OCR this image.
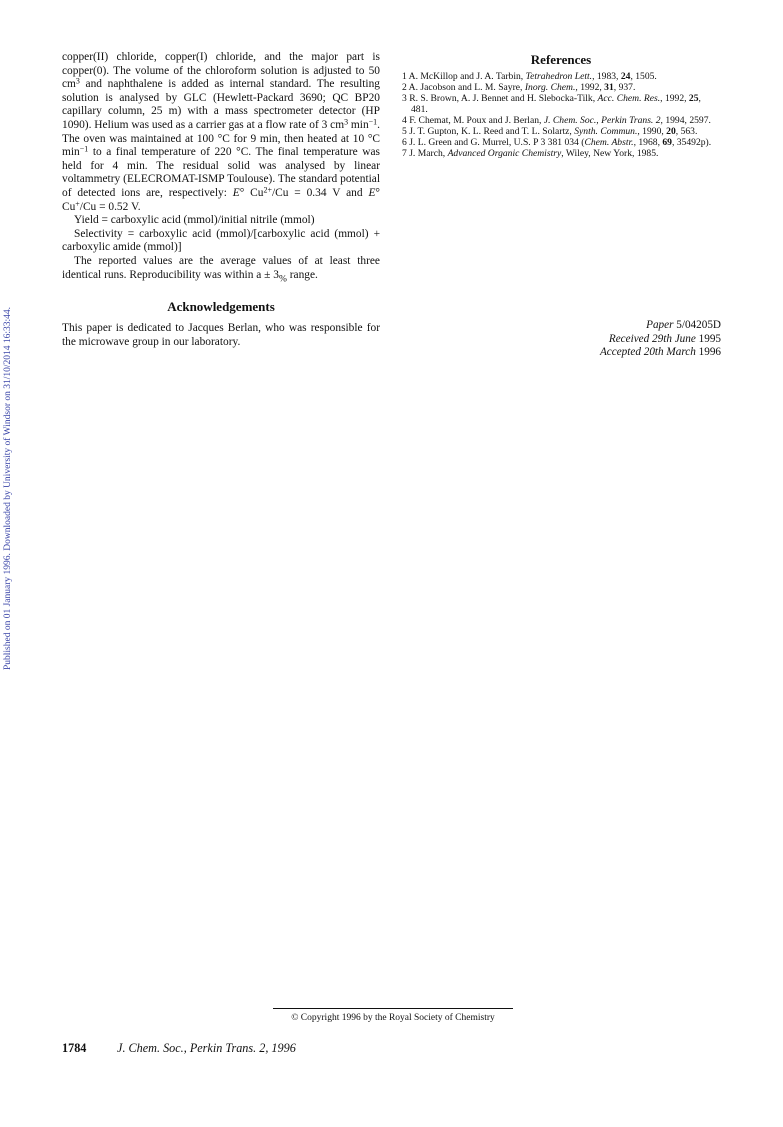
Published on 01 January 1996. Downloaded by University of Windsor on 31/10/2014 16:33:44.

copper(II) chloride, copper(I) chloride, and the major part is copper(0). The volume of the chloroform solution is adjusted to 50 $cm^3$ and naphthalene is added as internal standard. The resulting solution is analysed by GLC (Hewlett-Packard 3690; QC BP20 capillary column, 25 m) with a mass spectrometer detector (HP 1090). Helium was used as a carrier gas at a flow rate of 3 $cm^3$ $\min^{-1}$. The oven was maintained at 100 °C for 9 min, then heated at 10 °C $\min^{-1}$ to a final temperature of 220 °C. The final temperature was held for 4 min. The residual solid was analysed by linear voltammetry (ELECROMAT-ISMP Toulouse). The standard potential of detected ions are, respectively: E° $Cu^{2+}/Cu = 0.34$ V and E° Cu+/Cu = 0.52 V.

Yield = carboxylic acid (mmol)/initial nitrile (mmol)

Selectivity = carboxylic acid (mmol)/[carboxylic acid (mmol) + carboxylic amide (mmol)]

The reported values are the average values of at least three identical runs. Reproducibility was within $a \pm 3_{\%}$ range.

Acknowledgements

This paper is dedicated to Jacques Berlan, who was responsible for the microwave group in our laboratory.

References
1 A. McKillop and J. A. Tarbin, Tetrahedron Lett., 1983, 24, 1505.
2 A. Jacobson and L. M. Sayre, Inorg. Chem., 1992, 31, 937.
3 R. S. Brown, A. J. Bennet and H. Slebocka-Tilk, Acc. Chem. Res., 1992, 25, 481.
4 F. Chemat, M. Poux and J. Berlan, J. Chem. Soc., Perkin Trans. 2, 1994, 2597.
5 J. T. Gupton, K. L. Reed and T. L. Solartz, Synth. Commun., 1990, 20, 563.
6 J. L. Green and G. Murrel, U.S. P 3 381 034 (Chem. Abstr., 1968, 69, 35492p).
7 J. March, Advanced Organic Chemistry, Wiley, New York, 1985.
Paper 5/04205D
Received 29th June 1995
Accepted 20th March 1996
© Copyright 1996 by the Royal Society of Chemistry
1784	J. Chem. Soc., Perkin Trans. 2, 1996
